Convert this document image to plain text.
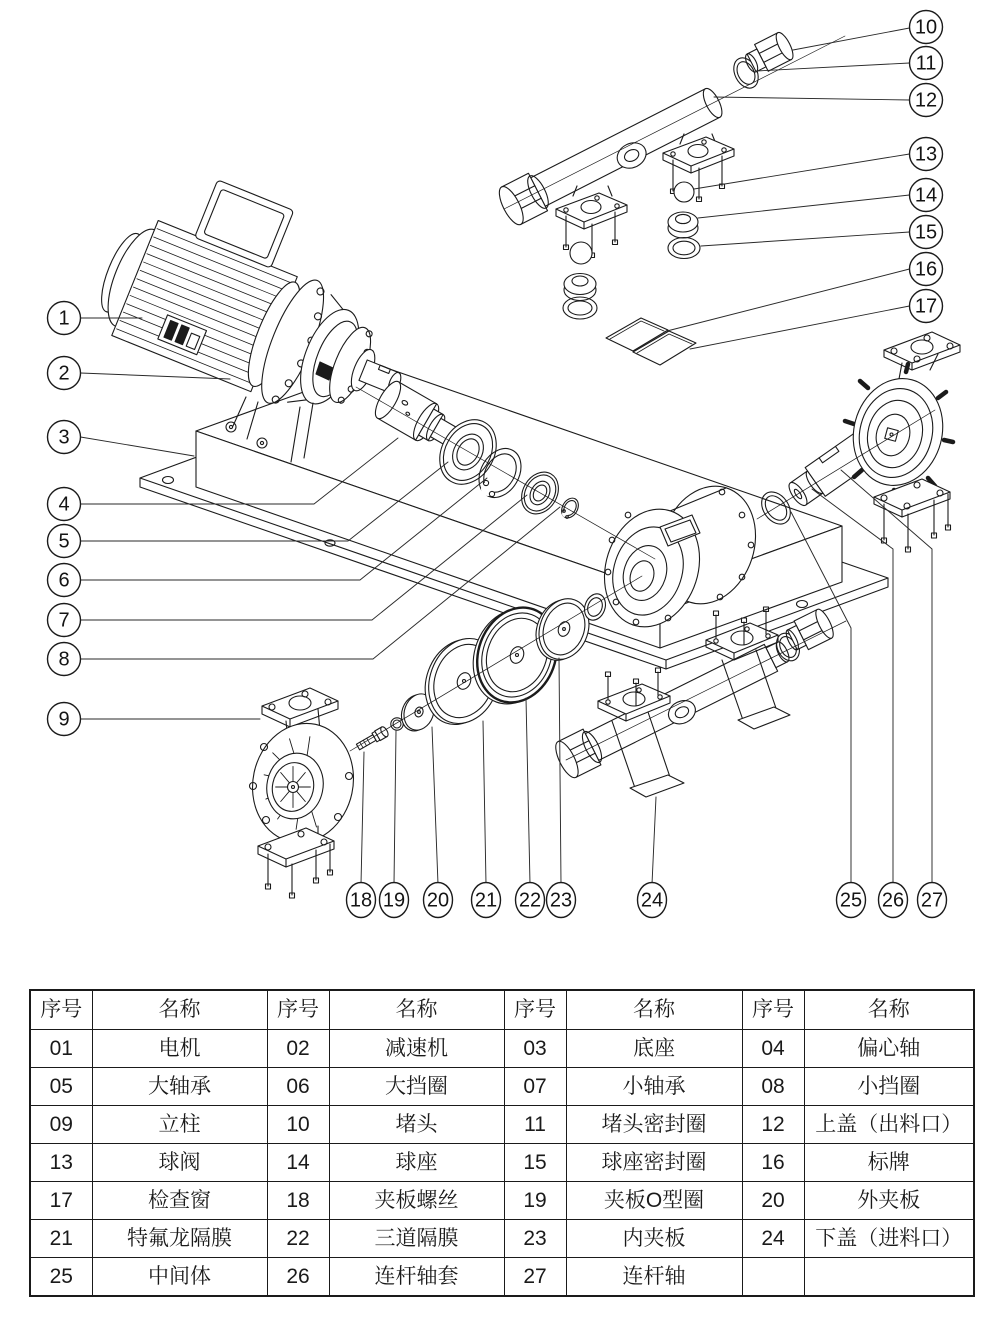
1
2
3
4
5
6
7
8
9
10
11
12
13
14
15
16
17
18 19 20 21 22 23	24	25 26 27
序号	名称	序号	名称	序号	名称	序号	名称
01	电机	02	减速机	03	底座	04	偏心轴
05	大轴承	06	大挡圈	07	小轴承	08	小挡圈
09	立柱	10	堵头	11	堵头密封圈	12	上盖（出料口）
13	球阀	14	球座	15	球座密封圈	16	标牌
17	检查窗	18	夹板螺丝	19	夹板O型圈	20	外夹板
21	特氟龙隔膜	22	三道隔膜	23	内夹板	24	下盖（进料口）
25	中间体	26	连杆轴套	27	连杆轴		
